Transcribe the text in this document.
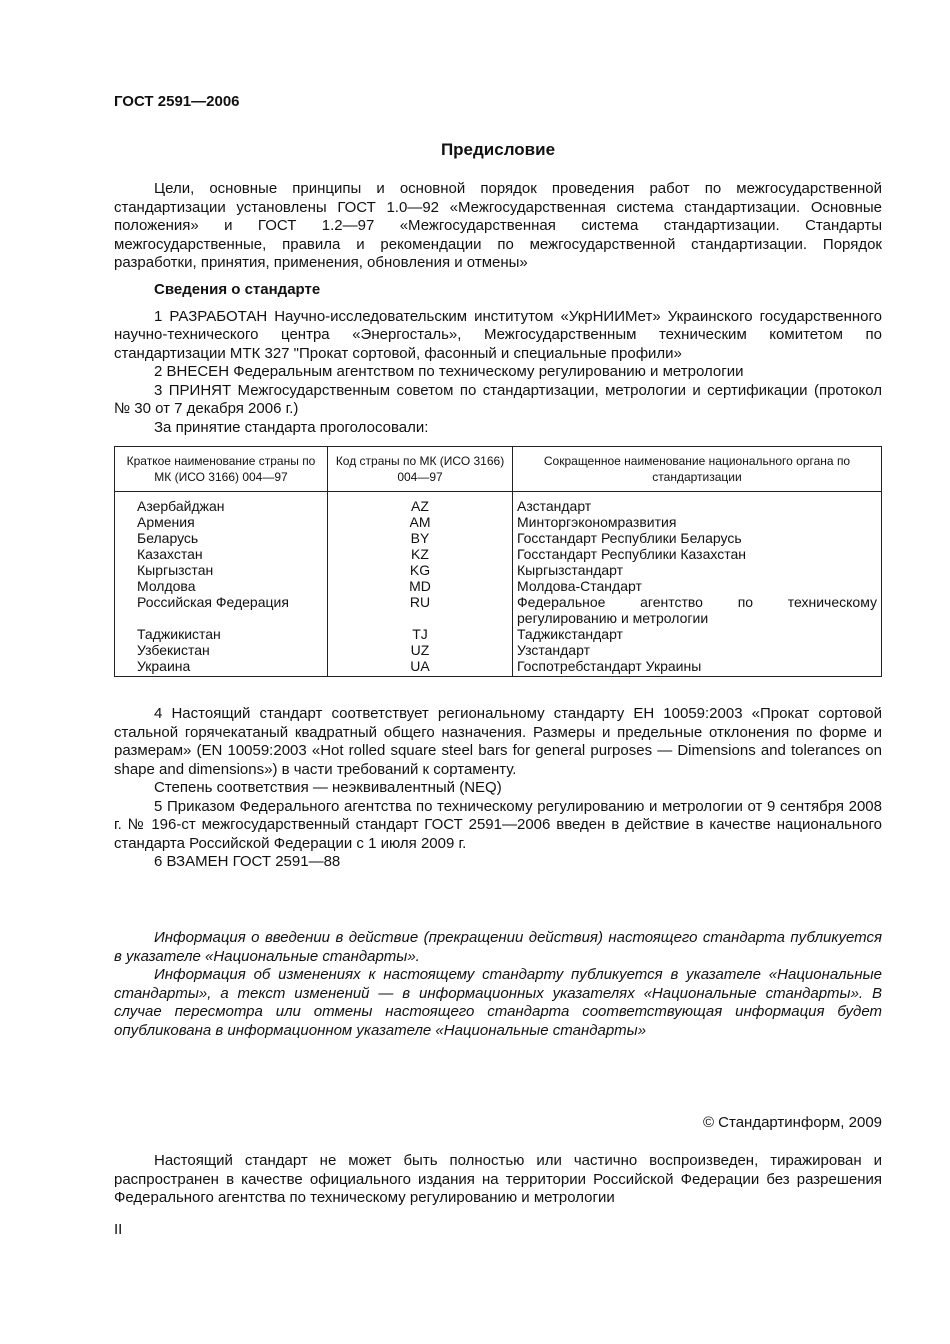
ГОСТ 2591—2006
Предисловие

Цели, основные принципы и основной порядок проведения работ по межгосударственной стандартизации установлены ГОСТ 1.0—92 «Межгосударственная система стандартизации. Основные положения» и ГОСТ 1.2—97 «Межгосударственная система стандартизации. Стандарты межгосударственные, правила и рекомендации по межгосударственной стандартизации. Порядок разработки, принятия, применения, обновления и отмены»

Сведения о стандарте

1 РАЗРАБОТАН Научно-исследовательским институтом «УкрНИИМет» Украинского государственного научно-технического центра «Энергосталь», Межгосударственным техническим комитетом по стандартизации МТК 327 "Прокат сортовой, фасонный и специальные профили»

2 ВНЕСЕН Федеральным агентством по техническому регулированию и метрологии

3 ПРИНЯТ Межгосударственным советом по стандартизации, метрологии и сертификации (протокол № 30 от 7 декабря 2006 г.)

За принятие стандарта проголосовали:

Краткое наименование страны по МК (ИСО 3166) 004—97	Код страны по МК (ИСО 3166) 004—97	Сокращенное наименование национального органа по стандартизации
Азербайджан	AZ	Азстандарт
Армения	AM	Минторгэкономразвития
Беларусь	BY	Госстандарт Республики Беларусь
Казахстан	KZ	Госстандарт Республики Казахстан
Кыргызстан	KG	Кыргызстандарт
Молдова	MD	Молдова-Стандарт
Российская Федерация	RU	Федеральное агентство по техническому регулированию и метрологии
Таджикистан	TJ	Таджикстандарт
Узбекистан	UZ	Узстандарт
Украина	UA	Госпотребстандарт Украины

4 Настоящий стандарт соответствует региональному стандарту ЕН 10059:2003 «Прокат сортовой стальной горячекатаный квадратный общего назначения. Размеры и предельные отклонения по форме и размерам» (EN 10059:2003 «Hot rolled square steel bars for general purposes — Dimensions and tolerances on shape and dimensions») в части требований к сортаменту.

Степень соответствия — неэквивалентный (NEQ)

5 Приказом Федерального агентства по техническому регулированию и метрологии от 9 сентября 2008 г. № 196-ст межгосударственный стандарт ГОСТ 2591—2006 введен в действие в качестве национального стандарта Российской Федерации с 1 июля 2009 г.

6 ВЗАМЕН ГОСТ 2591—88

Информация о введении в действие (прекращении действия) настоящего стандарта публикуется в указателе «Национальные стандарты».

Информация об изменениях к настоящему стандарту публикуется в указателе «Национальные стандарты», а текст изменений — в информационных указателях «Национальные стандарты». В случае пересмотра или отмены настоящего стандарта соответствующая информация будет опубликована в информационном указателе «Национальные стандарты»

© Стандартинформ, 2009

Настоящий стандарт не может быть полностью или частично воспроизведен, тиражирован и распространен в качестве официального издания на территории Российской Федерации без разрешения Федерального агентства по техническому регулированию и метрологии

II
